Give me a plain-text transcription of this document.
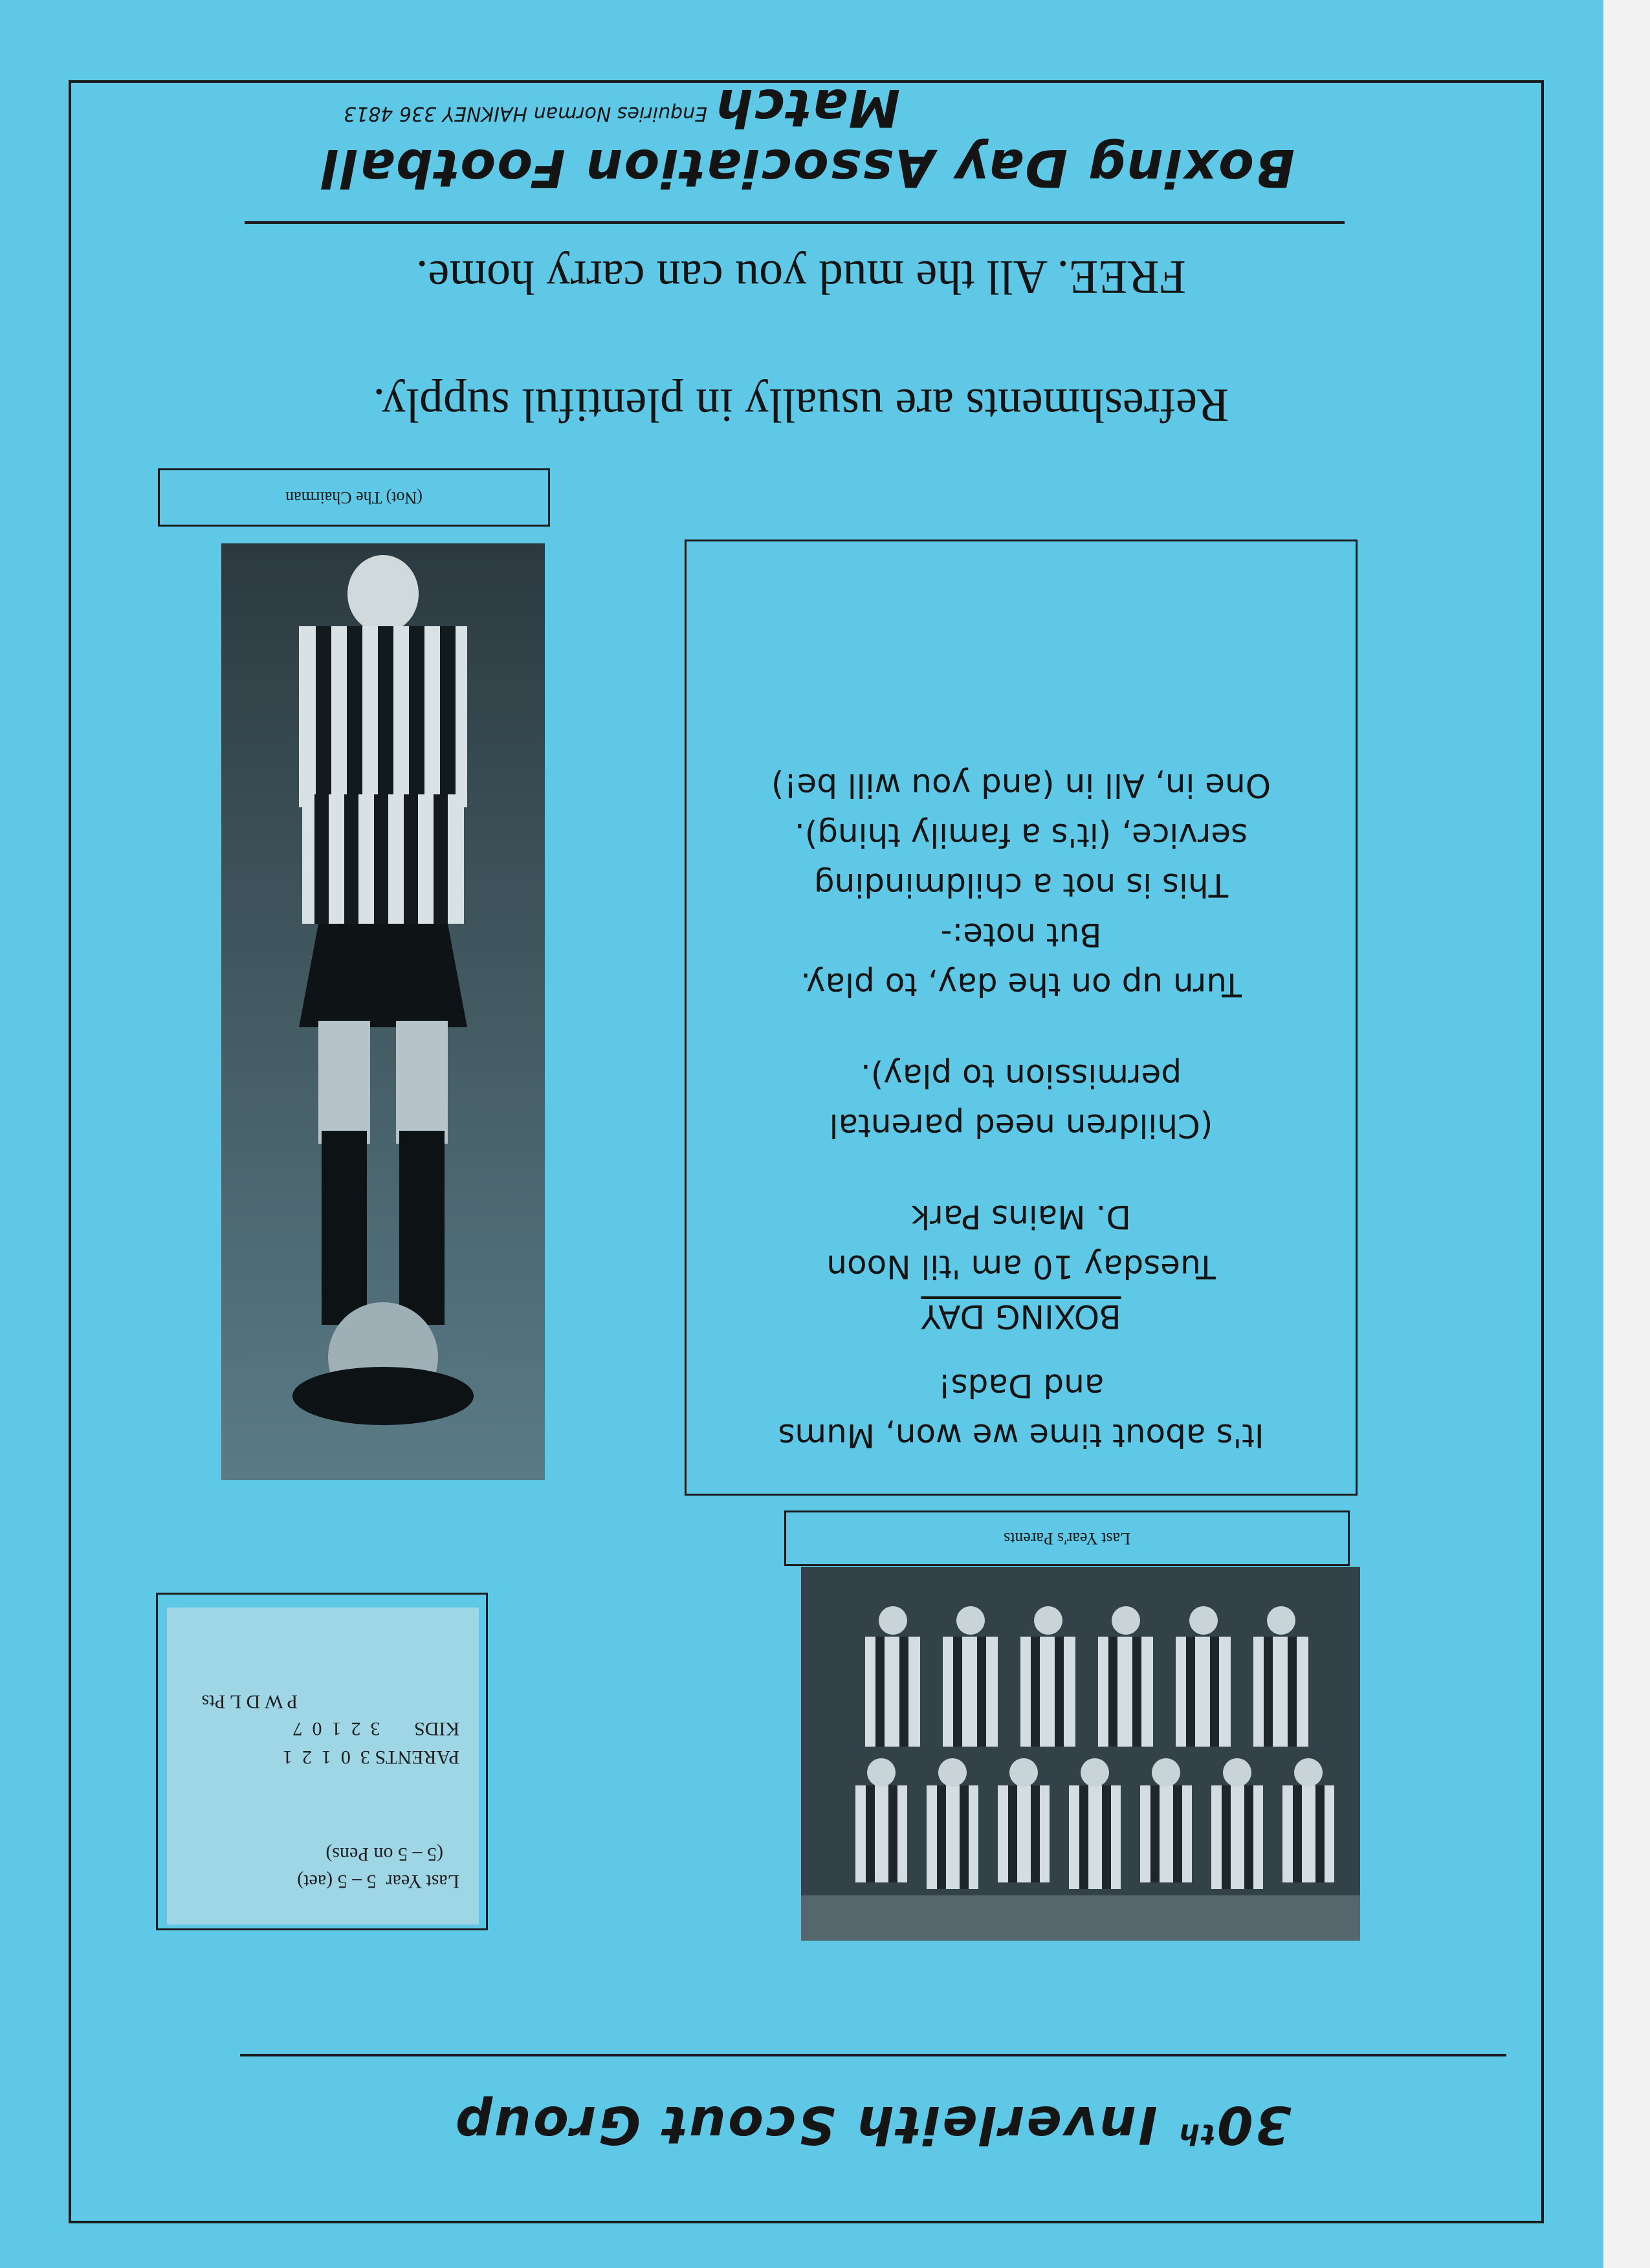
30th Inverleith Scout Group
Last Year's Parents
Last Year  5 – 5 (aet)
(5 – 5 on Pens)
PARENTS 3  0  1  2  1
KIDS       3  2  1  0  7
P W D L Pts

It's about time we won, Mums

and Dads!

BOXING DAY

Tuesday 10 am 'til Noon

D. Mains Park

(Children need parental

permission to play).

Turn up on the day, to play.

But note:-

This is not a childminding

service, (it's a family thing).

One in, All in (and you will be!)

(Not) The Chairman
Refreshments are usually in plentiful supply.
FREE. All the mud you can carry home.
Boxing Day Association Football Match
Enquiries Norman HAIKNEY 336 4813
